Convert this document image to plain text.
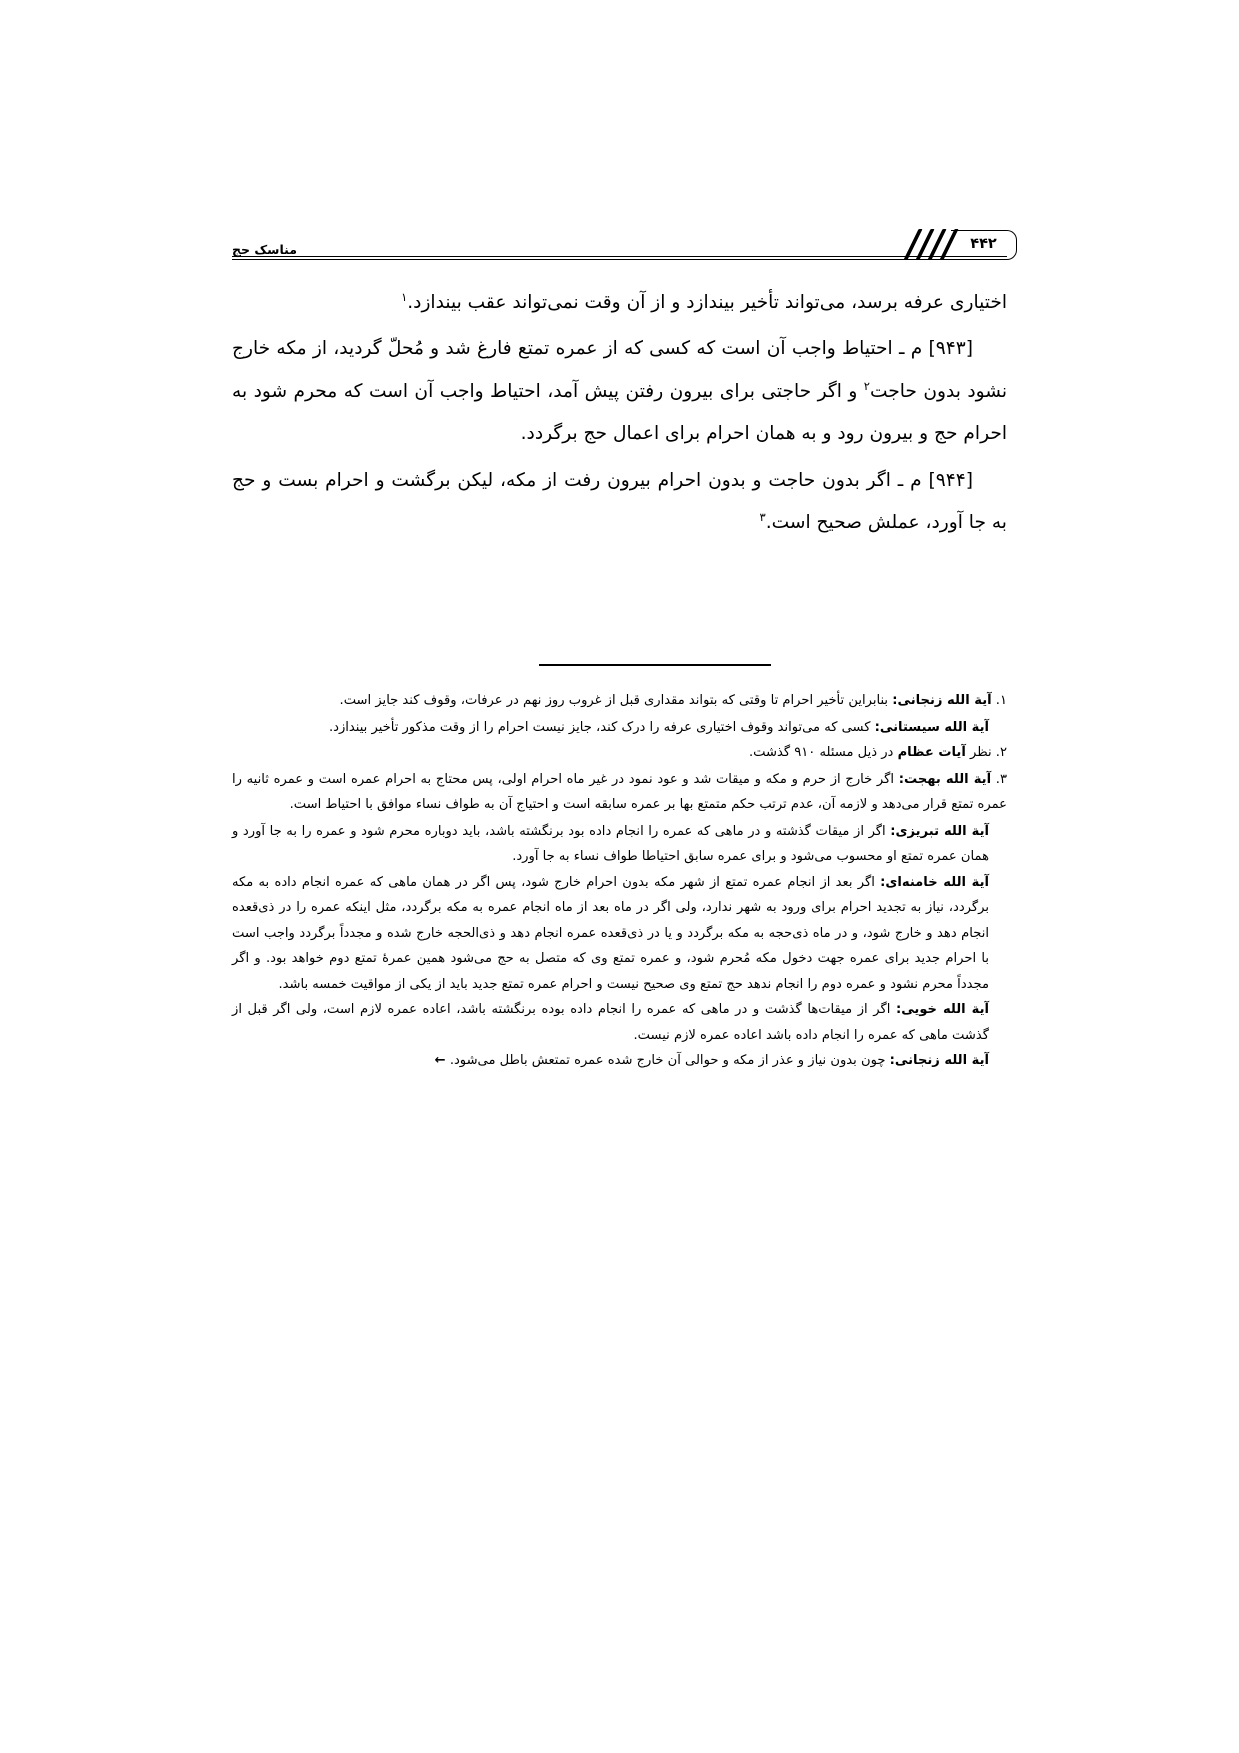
مناسک حج	۴۴۲

اختیاری عرفه برسد، می‌تواند تأخیر بیندازد و از آن وقت نمی‌تواند عقب بیندازد.$^۱$

[۹۴۳] م ـ احتیاط واجب آن است که کسی که از عمره تمتع فارغ شد و مُحلّ گردید، از مکه خارج نشود بدون حاجت$^۲$ و اگر حاجتی برای بیرون رفتن پیش آمد، احتیاط واجب آن است که محرم شود به احرام حج و بیرون رود و به همان احرام برای اعمال حج برگردد.

[۹۴۴] م ـ اگر بدون حاجت و بدون احرام بیرون رفت از مکه، لیکن برگشت و احرام بست و حج به جا آورد، عملش صحیح است.$^۳$

۱. آیة الله زنجانی: بنابراین تأخیر احرام تا وقتی که بتواند مقداری قبل از غروب روز نهم در عرفات، وقوف کند جایز است.
آیة الله سیستانی: کسی که می‌تواند وقوف اختیاری عرفه را درک کند، جایز نیست احرام را از وقت مذکور تأخیر بیندازد.
۲. نظر آیات عظام در ذیل مسئله ۹۱۰ گذشت.
۳. آیة الله بهجت: اگر خارج از حرم و مکه و میقات شد و عود نمود در غیر ماه احرام اولی، پس محتاج به احرام عمره است و عمره ثانیه را عمره تمتع قرار می‌دهد و لازمه آن، عدم ترتب حکم متمتع بها بر عمره سابقه است و احتیاج آن به طواف نساء موافق با احتیاط است.
آیة الله تبریزی: اگر از میقات گذشته و در ماهی که عمره را انجام داده بود برنگشته باشد، باید دوباره محرم شود و عمره را به جا آورد و همان عمره تمتع او محسوب می‌شود و برای عمره سابق احتیاطا طواف نساء به جا آورد.
آیة الله خامنه‌ای: اگر بعد از انجام عمره تمتع از شهر مکه بدون احرام خارج شود، پس اگر در همان ماهی که عمره انجام داده به مکه برگردد، نیاز به تجدید احرام برای ورود به شهر ندارد، ولی اگر در ماه بعد از ماه انجام عمره به مکه برگردد، مثل اینکه عمره را در ذی‌قعده انجام دهد و خارج شود، و در ماه ذی‌حجه به مکه برگردد و یا در ذی‌قعده عمره انجام دهد و ذی‌الحجه خارج شده و مجدداً برگردد واجب است با احرام جدید برای عمره جهت دخول مکه مُحرم شود، و عمره تمتع وی که متصل به حج می‌شود همین عمرهٔ تمتع دوم خواهد بود. و اگر مجدداً محرم نشود و عمره دوم را انجام ندهد حج تمتع وی صحیح نیست و احرام عمره تمتع جدید باید از یکی از مواقیت خمسه باشد.
آیة الله خویی: اگر از میقات‌ها گذشت و در ماهی که عمره را انجام داده بوده برنگشته باشد، اعاده عمره لازم است، ولی اگر قبل از گذشت ماهی که عمره را انجام داده باشد اعاده عمره لازم نیست.
آیة الله زنجانی: چون بدون نیاز و عذر از مکه و حوالی آن خارج شده عمره تمتعش باطل می‌شود. ←
